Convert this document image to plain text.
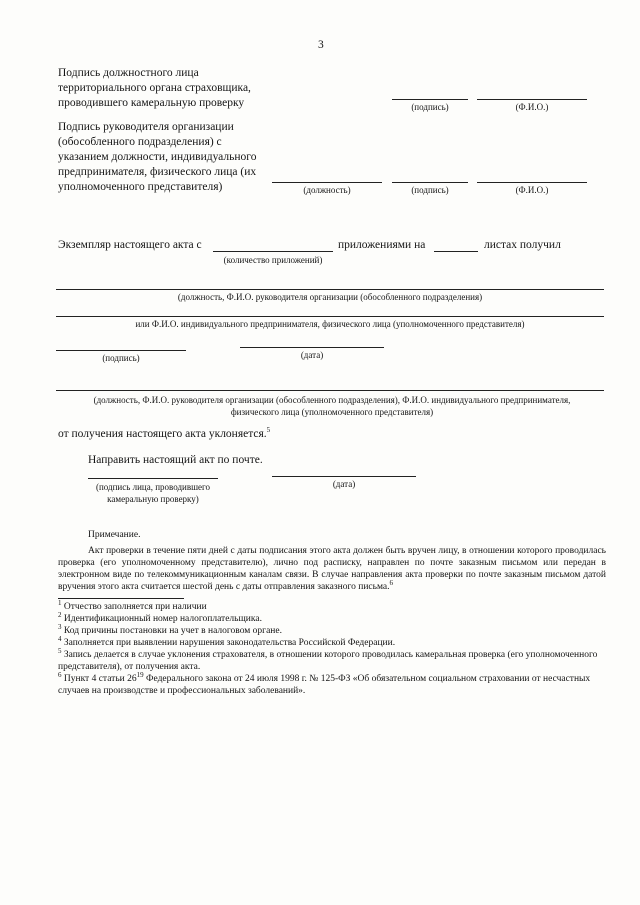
3
Подпись должностного лица территориального органа страховщика, проводившего камеральную проверку	(подпись)	(Ф.И.О.)
Подпись руководителя организации (обособленного подразделения) с указанием должности, индивидуального предпринимателя, физического лица (их уполномоченного представителя)	(должность)	(подпись)	(Ф.И.О.)
Экземпляр настоящего акта с	приложениями на	листах получил
(количество приложений)
(должность, Ф.И.О. руководителя организации (обособленного подразделения)
или Ф.И.О. индивидуального предпринимателя, физического лица (уполномоченного представителя)
(подпись)	(дата)
(должность, Ф.И.О. руководителя организации (обособленного подразделения), Ф.И.О. индивидуального предпринимателя, физического лица (уполномоченного представителя)
от получения настоящего акта уклоняется.$^5$
Направить настоящий акт по почте.
(подпись лица, проводившего камеральную проверку)
(дата)
Примечание.
Акт проверки в течение пяти дней с даты подписания этого акта должен быть вручен лицу, в отношении которого проводилась проверка (его уполномоченному представителю), лично под расписку, направлен по почте заказным письмом или передан в электронном виде по телекоммуникационным каналам связи. В случае направления акта проверки по почте заказным письмом датой вручения этого акта считается шестой день с даты отправления заказного письма.$^6$
$^1$ Отчество заполняется при наличии
$^2$ Идентификационный номер налогоплательщика.
$^3$ Код причины постановки на учет в налоговом органе.
$^4$ Заполняется при выявлении нарушения законодательства Российской Федерации.
$^5$ Запись делается в случае уклонения страхователя, в отношении которого проводилась камеральная проверка (его уполномоченного представителя), от получения акта.
$^6$ Пункт 4 статьи $26^{19}$ Федерального закона от 24 июля 1998 г. № 125-ФЗ «Об обязательном социальном страховании от несчастных случаев на производстве и профессиональных заболеваний».
